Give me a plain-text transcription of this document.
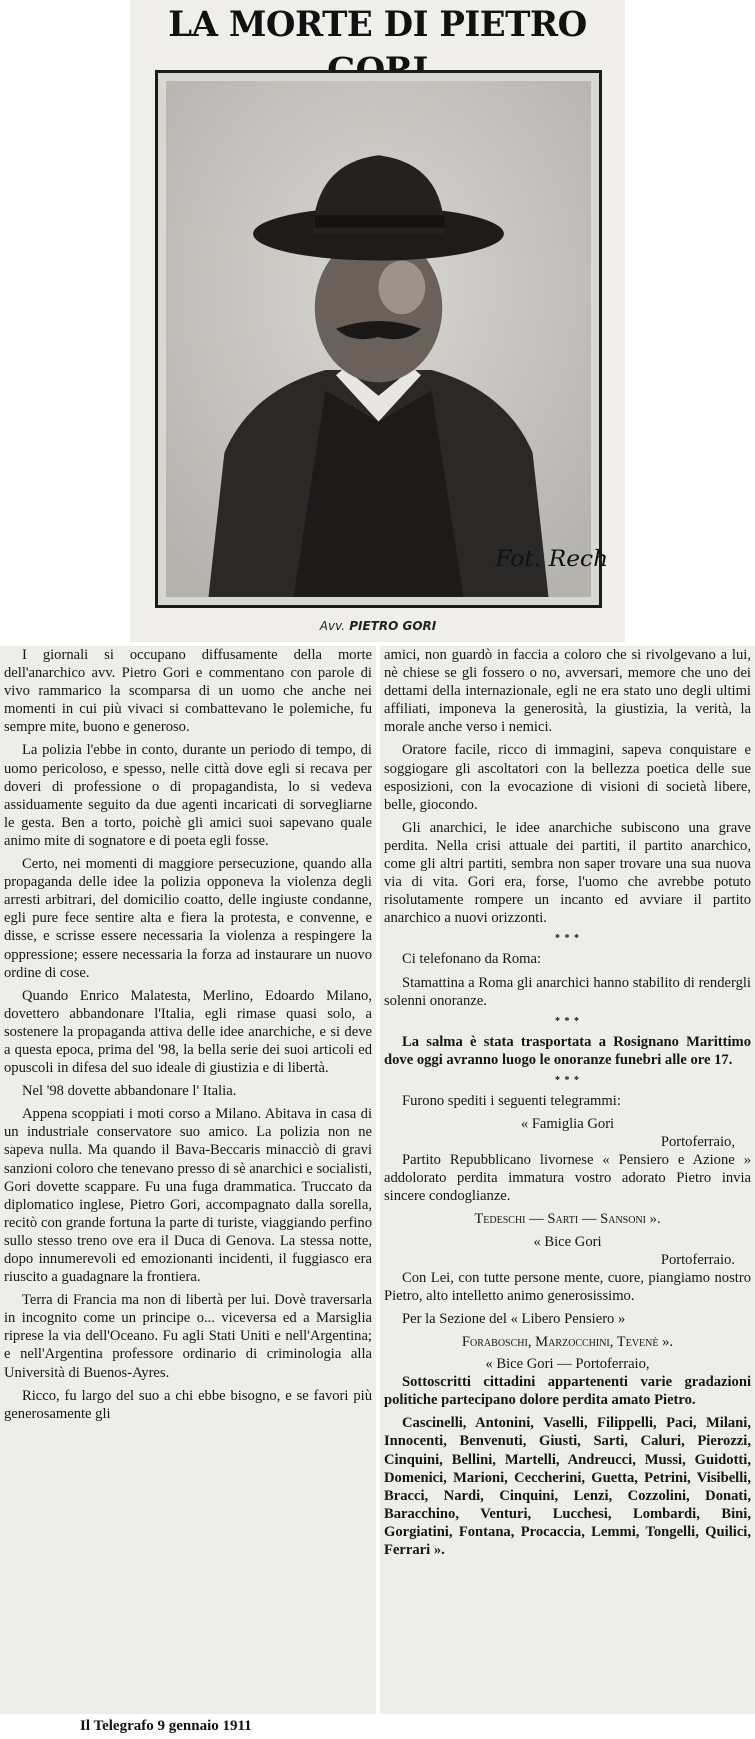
LA MORTE DI PIETRO
Fot. Rech
Avv. PIETRO GORI

I giornali si occupano diffusamente della morte dell'anarchico avv. Pietro Gori e commentano con parole di vivo rammarico la scomparsa di un uomo che anche nei momenti in cui più vivaci si combattevano le polemiche, fu sempre mite, buono e generoso.

La polizia l'ebbe in conto, durante un periodo di tempo, di uomo pericoloso, e spesso, nelle città dove egli si recava per doveri di professione o di propagandista, lo si vedeva assiduamente seguito da due agenti incaricati di sorvegliarne le gesta. Ben a torto, poichè gli amici suoi sapevano quale animo mite di sognatore e di poeta egli fosse.

Certo, nei momenti di maggiore persecuzione, quando alla propaganda delle idee la polizia opponeva la violenza degli arresti arbitrari, del domicilio coatto, delle ingiuste condanne, egli pure fece sentire alta e fiera la protesta, e convenne, e disse, e scrisse essere necessaria la violenza a respingere la oppressione; essere necessaria la forza ad instaurare un nuovo ordine di cose.

Quando Enrico Malatesta, Merlino, Edoardo Milano, dovettero abbandonare l'Italia, egli rimase quasi solo, a sostenere la propaganda attiva delle idee anarchiche, e si deve a questa epoca, prima del '98, la bella serie dei suoi articoli ed opuscoli in difesa del suo ideale di giustizia e di libertà.

Nel '98 dovette abbandonare l' Italia.

Appena scoppiati i moti corso a Milano. Abitava in casa di un industriale conservatore suo amico. La polizia non ne sapeva nulla. Ma quando il Bava-Beccaris minacciò di gravi sanzioni coloro che tenevano presso di sè anarchici e socialisti, Gori dovette scappare. Fu una fuga drammatica. Truccato da diplomatico inglese, Pietro Gori, accompagnato dalla sorella, recitò con grande fortuna la parte di turiste, viaggiando perfino sullo stesso treno ove era il Duca di Genova. La stessa notte, dopo innumerevoli ed emozionanti incidenti, il fuggiasco era riuscito a guadagnare la frontiera.

Terra di Francia ma non di libertà per lui. Dovè traversarla in incognito come un principe o... viceversa ed a Marsiglia riprese la via dell'Oceano. Fu agli Stati Uniti e nell'Argentina; e nell'Argentina professore ordinario di criminologia alla Università di Buenos-Ayres.

Ricco, fu largo del suo a chi ebbe bisogno, e se favori più generosamente gli

amici, non guardò in faccia a coloro che si rivolgevano a lui, nè chiese se gli fossero o no, avversari, memore che uno dei dettami della internazionale, egli ne era stato uno degli ultimi affiliati, imponeva la generosità, la giustizia, la verità, la morale anche verso i nemici.

Oratore facile, ricco di immagini, sapeva conquistare e soggiogare gli ascoltatori con la bellezza poetica delle sue esposizioni, con la evocazione di visioni di società libere, belle, giocondo.

Gli anarchici, le idee anarchiche subiscono una grave perdita. Nella crisi attuale dei partiti, il partito anarchico, come gli altri partiti, sembra non saper trovare una sua nuova via di vita. Gori era, forse, l'uomo che avrebbe potuto risolutamente rompere un incanto ed avviare il partito anarchico a nuovi orizzonti.

* * *

Ci telefonano da Roma:

Stamattina a Roma gli anarchici hanno stabilito di rendergli solenni onoranze.

* * *

La salma è stata trasportata a Rosignano Marittimo dove oggi avranno luogo le onoranze funebri alle ore 17.

* * *

Furono spediti i seguenti telegrammi:

« Famiglia Gori

Portoferraio,

Partito Repubblicano livornese « Pensiero e Azione » addolorato perdita immatura vostro adorato Pietro invia sincere condoglianze.

Tedeschi — Sarti — Sansoni ».

« Bice Gori

Portoferraio.

Con Lei, con tutte persone mente, cuore, piangiamo nostro Pietro, alto intelletto animo generosissimo.

Per la Sezione del « Libero Pensiero »

Foraboschi, Marzocchini, Tevenè ».

« Bice Gori — Portoferraio,

Sottoscritti cittadini appartenenti varie gradazioni politiche partecipano dolore perdita amato Pietro.

Cascinelli, Antonini, Vaselli, Filippelli, Paci, Milani, Innocenti, Benvenuti, Giusti, Sarti, Caluri, Pierozzi, Cinquini, Bellini, Martelli, Andreucci, Mussi, Guidotti, Domenici, Marioni, Ceccherini, Guetta, Petrini, Visibelli, Bracci, Nardi, Cinquini, Lenzi, Cozzolini, Donati, Baracchino, Venturi, Lucchesi, Lombardi, Bini, Gorgiatini, Fontana, Procaccia, Lemmi, Tongelli, Quilici, Ferrari ».

Il Telegrafo 9 gennaio 1911
